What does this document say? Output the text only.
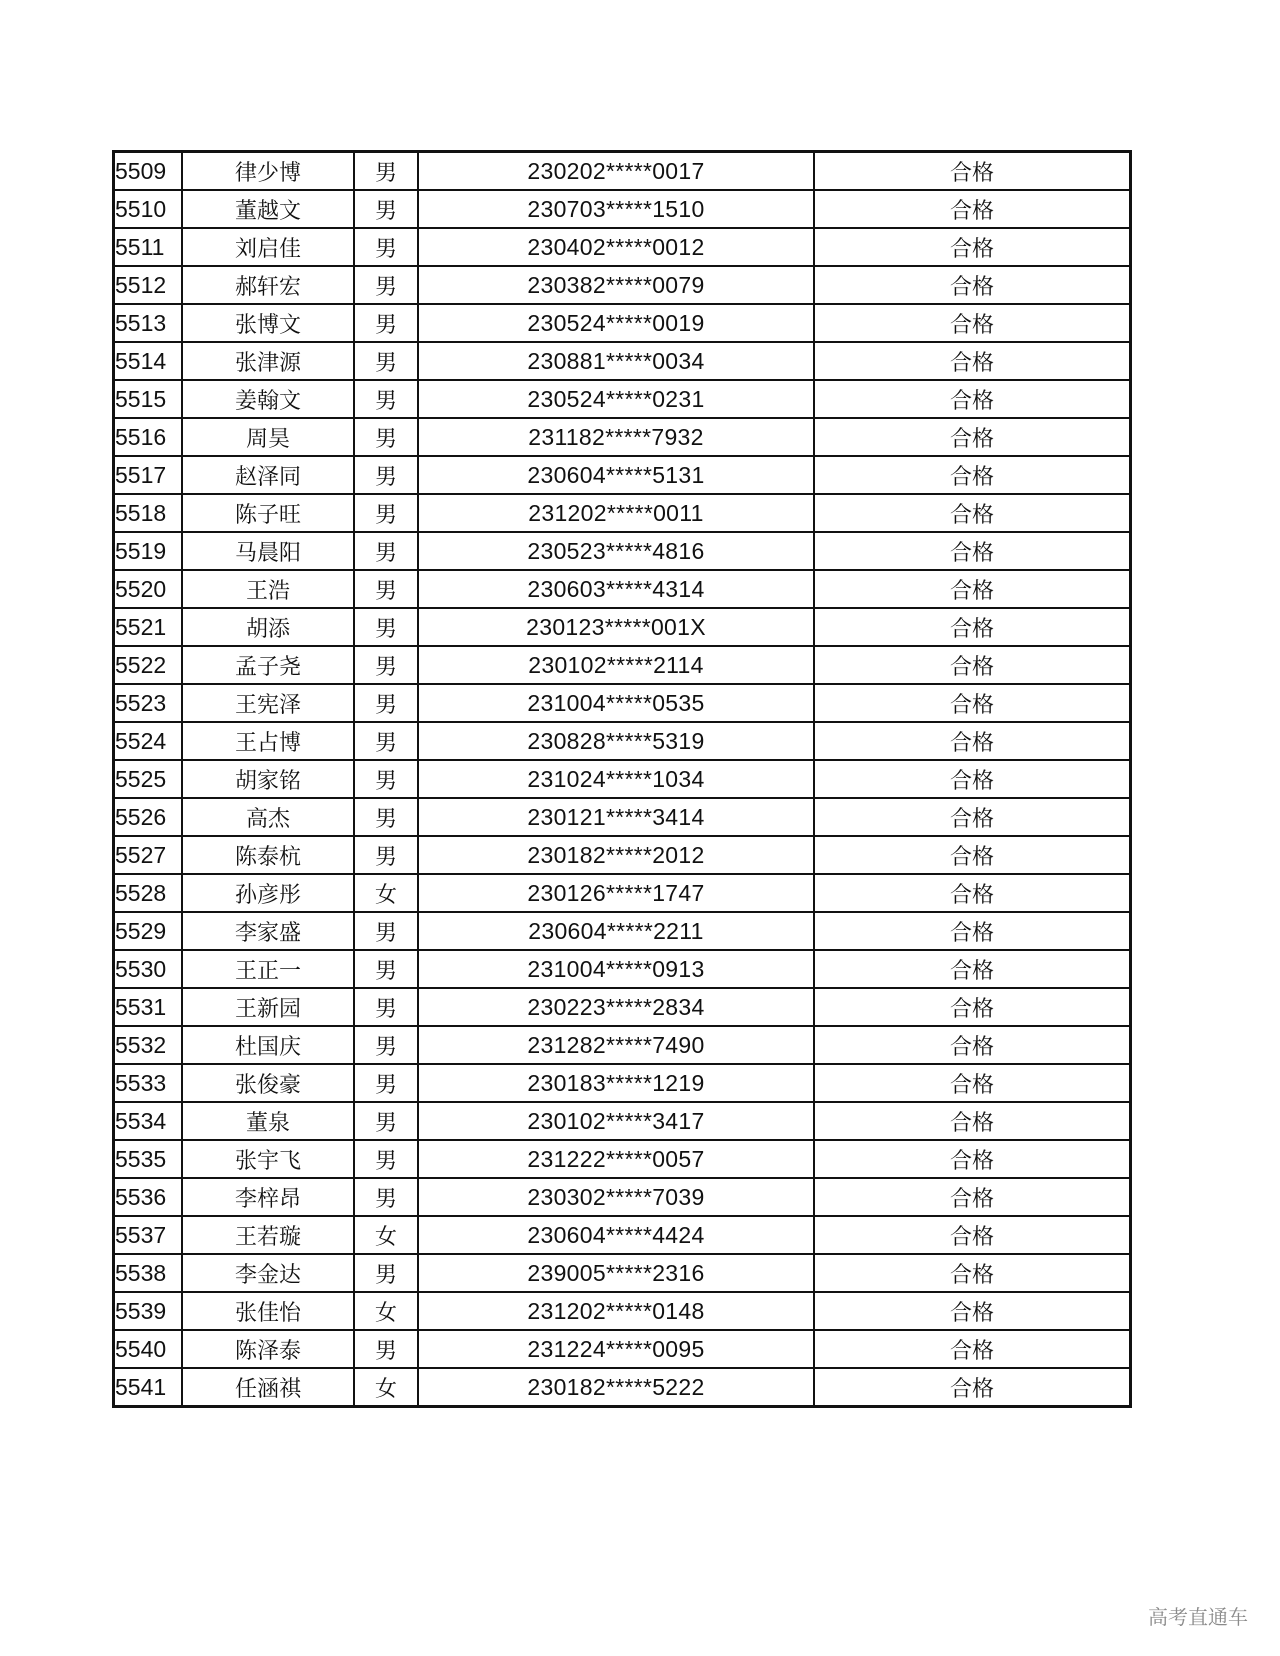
5509	律少博	男	230202*****0017	合格
5510	董越文	男	230703*****1510	合格
5511	刘启佳	男	230402*****0012	合格
5512	郝轩宏	男	230382*****0079	合格
5513	张博文	男	230524*****0019	合格
5514	张津源	男	230881*****0034	合格
5515	姜翰文	男	230524*****0231	合格
5516	周昊	男	231182*****7932	合格
5517	赵泽同	男	230604*****5131	合格
5518	陈子旺	男	231202*****0011	合格
5519	马晨阳	男	230523*****4816	合格
5520	王浩	男	230603*****4314	合格
5521	胡添	男	230123*****001X	合格
5522	孟子尧	男	230102*****2114	合格
5523	王宪泽	男	231004*****0535	合格
5524	王占博	男	230828*****5319	合格
5525	胡家铭	男	231024*****1034	合格
5526	高杰	男	230121*****3414	合格
5527	陈泰杭	男	230182*****2012	合格
5528	孙彦彤	女	230126*****1747	合格
5529	李家盛	男	230604*****2211	合格
5530	王正一	男	231004*****0913	合格
5531	王新园	男	230223*****2834	合格
5532	杜国庆	男	231282*****7490	合格
5533	张俊豪	男	230183*****1219	合格
5534	董泉	男	230102*****3417	合格
5535	张宇飞	男	231222*****0057	合格
5536	李梓昂	男	230302*****7039	合格
5537	王若璇	女	230604*****4424	合格
5538	李金达	男	239005*****2316	合格
5539	张佳怡	女	231202*****0148	合格
5540	陈泽泰	男	231224*****0095	合格
5541	任涵祺	女	230182*****5222	合格
高考直通车
